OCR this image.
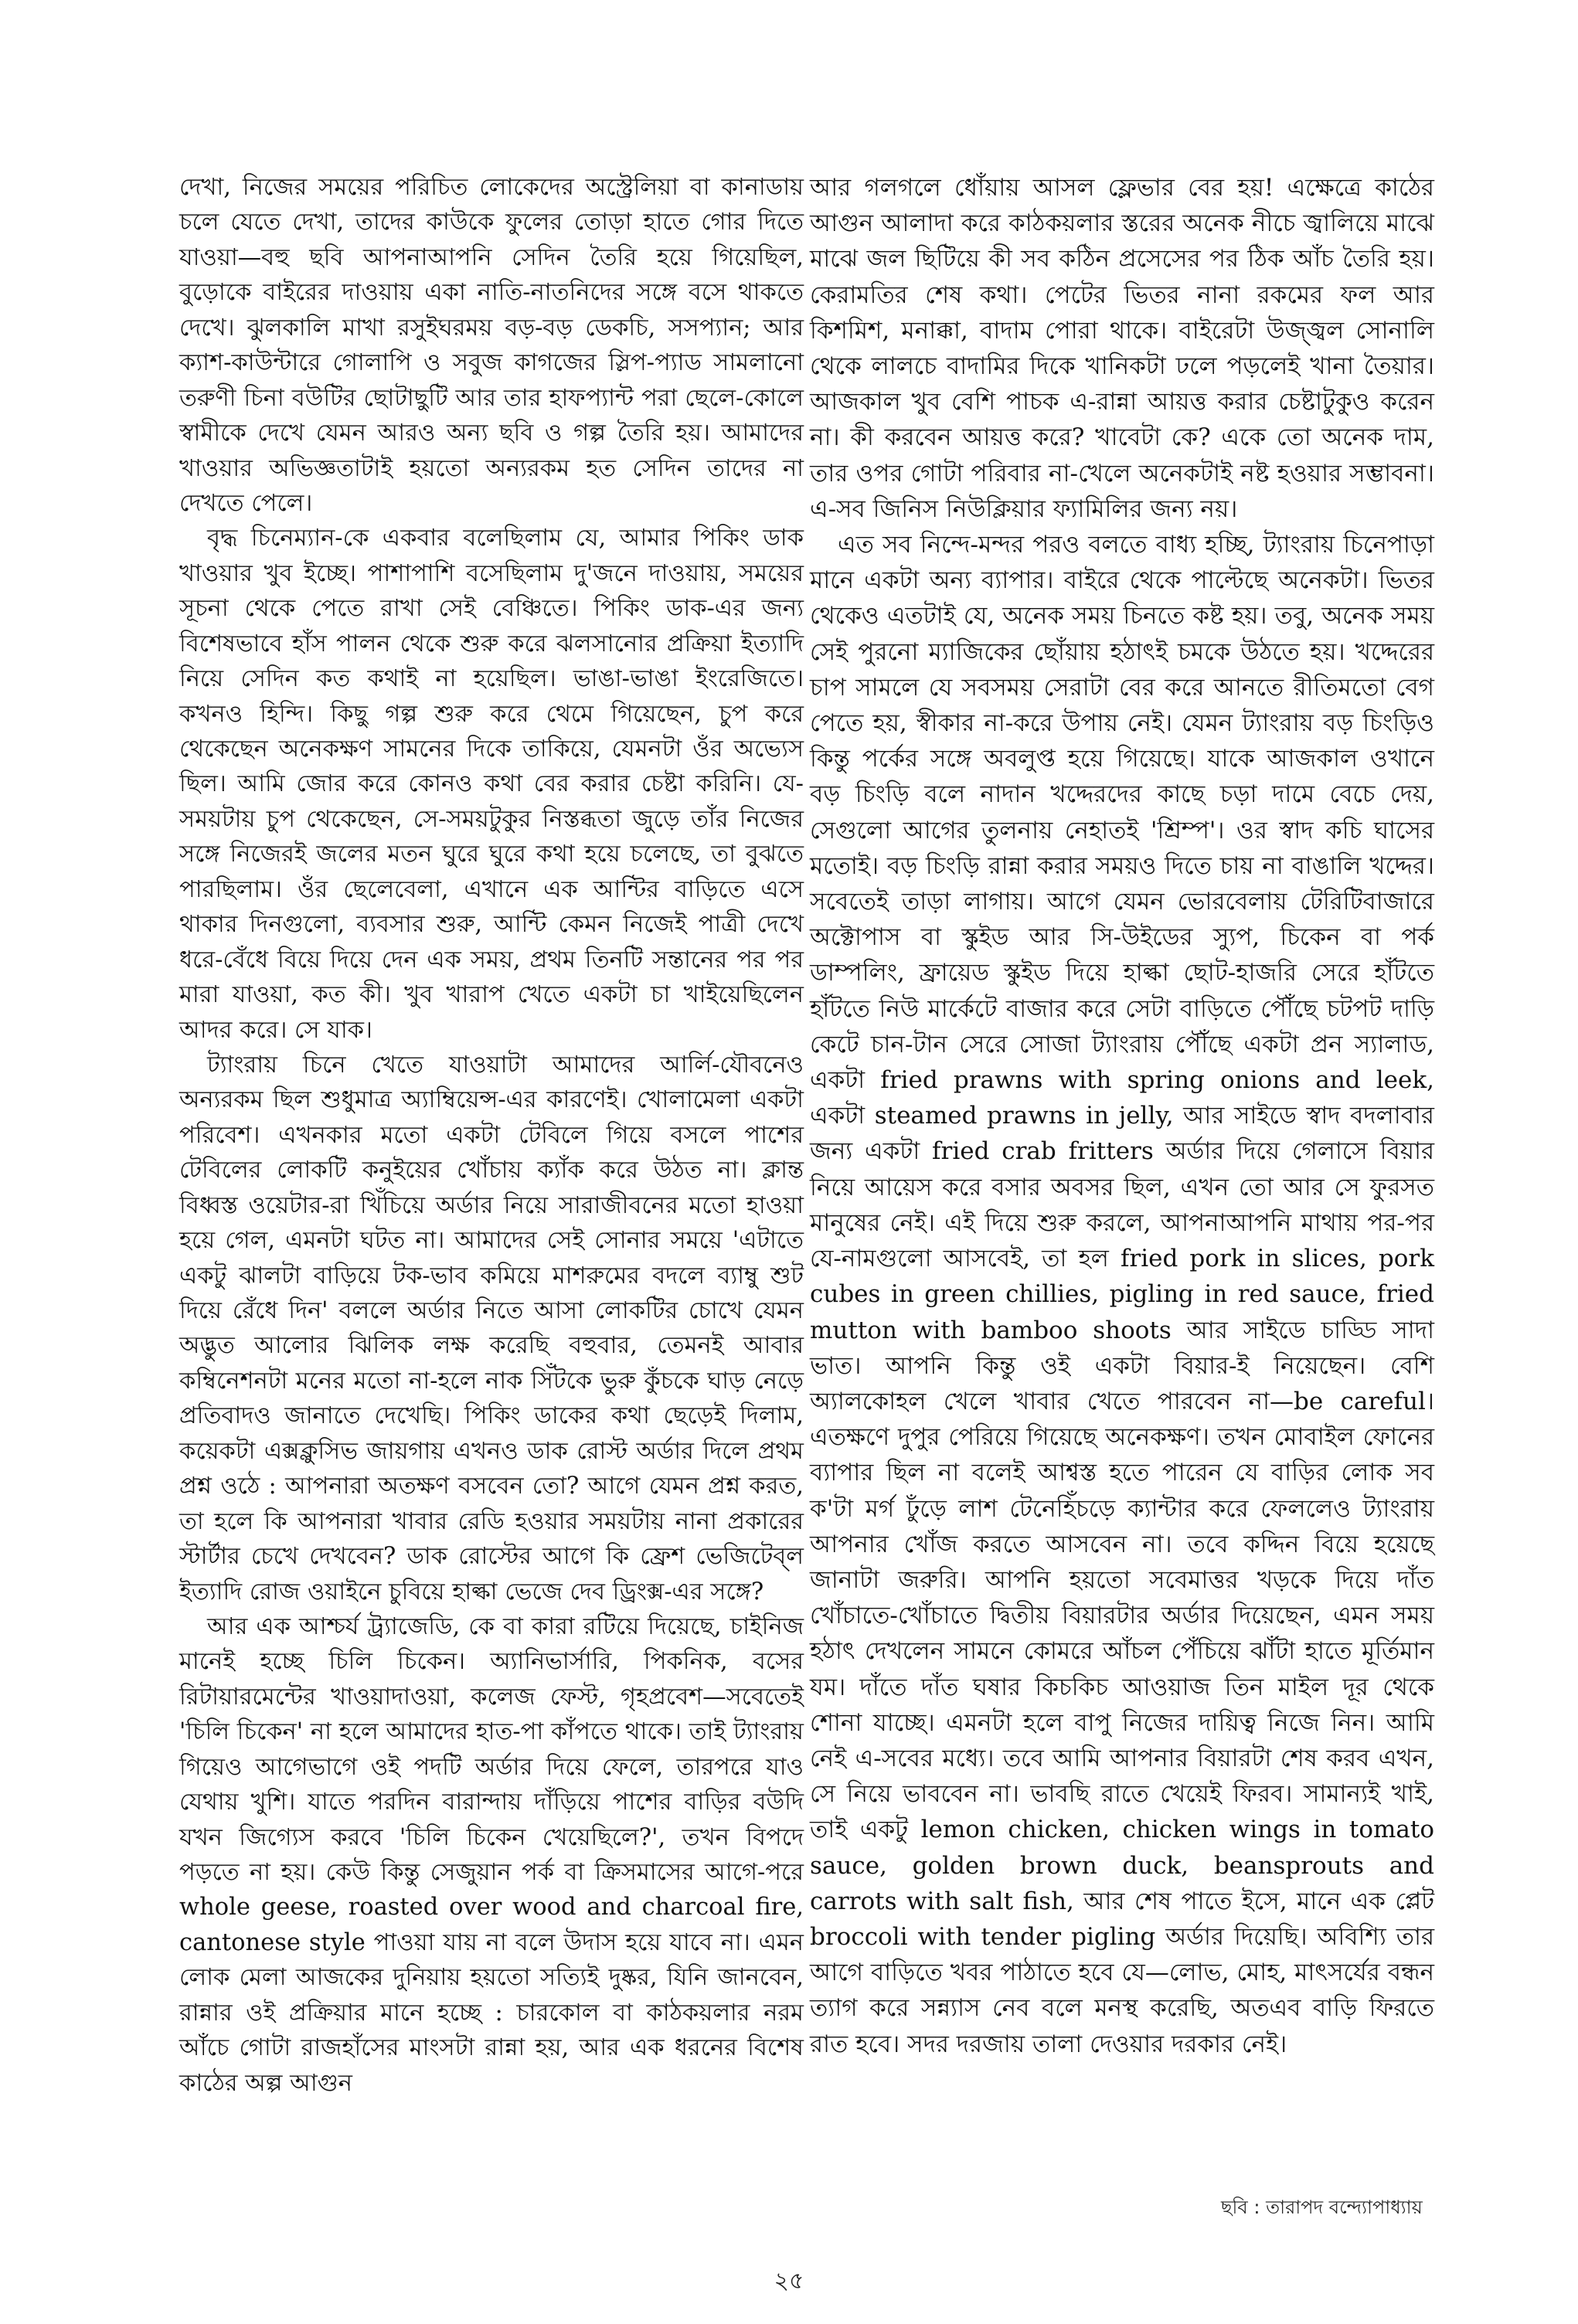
দেখা, নিজের সময়ের পরিচিত লোকেদের অস্ট্রেলিয়া বা কানাডায় চলে যেতে দেখা, তাদের কাউকে ফুলের তোড়া হাতে গোর দিতে যাওয়া—বহু ছবি আপনাআপনি সেদিন তৈরি হয়ে গিয়েছিল, বুড়োকে বাইরের দাওয়ায় একা নাতি-নাতনিদের সঙ্গে বসে থাকতে দেখে। ঝুলকালি মাখা রসুইঘরময় বড়-বড় ডেকচি, সসপ্যান; আর ক্যাশ-কাউন্টারে গোলাপি ও সবুজ কাগজের স্লিপ-প্যাড সামলানো তরুণী চিনা বউটির ছোটাছুটি আর তার হাফপ্যান্ট পরা ছেলে-কোলে স্বামীকে দেখে যেমন আরও অন্য ছবি ও গল্প তৈরি হয়। আমাদের খাওয়ার অভিজ্ঞতাটাই হয়তো অন্যরকম হত সেদিন তাদের না দেখতে পেলে।

বৃদ্ধ চিনেম্যান-কে একবার বলেছিলাম যে, আমার পিকিং ডাক খাওয়ার খুব ইচ্ছে। পাশাপাশি বসেছিলাম দু'জনে দাওয়ায়, সময়ের সূচনা থেকে পেতে রাখা সেই বেঞ্চিতে। পিকিং ডাক-এর জন্য বিশেষভাবে হাঁস পালন থেকে শুরু করে ঝলসানোর প্রক্রিয়া ইত্যাদি নিয়ে সেদিন কত কথাই না হয়েছিল। ভাঙা-ভাঙা ইংরেজিতে। কখনও হিন্দি। কিছু গল্প শুরু করে থেমে গিয়েছেন, চুপ করে থেকেছেন অনেকক্ষণ সামনের দিকে তাকিয়ে, যেমনটা ওঁর অভ্যেস ছিল। আমি জোর করে কোনও কথা বের করার চেষ্টা করিনি। যে-সময়টায় চুপ থেকেছেন, সে-সময়টুকুর নিস্তব্ধতা জুড়ে তাঁর নিজের সঙ্গে নিজেরই জলের মতন ঘুরে ঘুরে কথা হয়ে চলেছে, তা বুঝতে পারছিলাম। ওঁর ছেলেবেলা, এখানে এক আন্টির বাড়িতে এসে থাকার দিনগুলো, ব্যবসার শুরু, আন্টি কেমন নিজেই পাত্রী দেখে ধরে-বেঁধে বিয়ে দিয়ে দেন এক সময়, প্রথম তিনটি সন্তানের পর পর মারা যাওয়া, কত কী। খুব খারাপ খেতে একটা চা খাইয়েছিলেন আদর করে। সে যাক।

ট্যাংরায় চিনে খেতে যাওয়াটা আমাদের আর্লি-যৌবনেও অন্যরকম ছিল শুধুমাত্র অ্যাম্বিয়েন্স-এর কারণেই। খোলামেলা একটা পরিবেশ। এখনকার মতো একটা টেবিলে গিয়ে বসলে পাশের টেবিলের লোকটি কনুইয়ের খোঁচায় ক্যাঁক করে উঠত না। ক্লান্ত বিধ্বস্ত ওয়েটার-রা খিঁচিয়ে অর্ডার নিয়ে সারাজীবনের মতো হাওয়া হয়ে গেল, এমনটা ঘটত না। আমাদের সেই সোনার সময়ে 'এটাতে একটু ঝালটা বাড়িয়ে টক-ভাব কমিয়ে মাশরুমের বদলে ব্যাম্বু শুট দিয়ে রেঁধে দিন' বললে অর্ডার নিতে আসা লোকটির চোখে যেমন অদ্ভুত আলোর ঝিলিক লক্ষ করেছি বহুবার, তেমনই আবার কম্বিনেশনটা মনের মতো না-হলে নাক সিঁটকে ভুরু কুঁচকে ঘাড় নেড়ে প্রতিবাদও জানাতে দেখেছি। পিকিং ডাকের কথা ছেড়েই দিলাম, কয়েকটা এক্সক্লুসিভ জায়গায় এখনও ডাক রোস্ট অর্ডার দিলে প্রথম প্রশ্ন ওঠে : আপনারা অতক্ষণ বসবেন তো? আগে যেমন প্রশ্ন করত, তা হলে কি আপনারা খাবার রেডি হওয়ার সময়টায় নানা প্রকারের স্টার্টার চেখে দেখবেন? ডাক রোস্টের আগে কি ফ্রেশ ভেজিটেব্‌ল ইত্যাদি রোজ ওয়াইনে চুবিয়ে হাল্কা ভেজে দেব ড্রিংক্স-এর সঙ্গে?

আর এক আশ্চর্য ট্র্যাজেডি, কে বা কারা রটিয়ে দিয়েছে, চাইনিজ মানেই হচ্ছে চিলি চিকেন। অ্যানিভার্সারি, পিকনিক, বসের রিটায়ারমেন্টের খাওয়াদাওয়া, কলেজ ফেস্ট, গৃহপ্রবেশ—সবেতেই 'চিলি চিকেন' না হলে আমাদের হাত-পা কাঁপতে থাকে। তাই ট্যাংরায় গিয়েও আগেভাগে ওই পদটি অর্ডার দিয়ে ফেলে, তারপরে যাও যেথায় খুশি। যাতে পরদিন বারান্দায় দাঁড়িয়ে পাশের বাড়ির বউদি যখন জিগ্যেস করবে 'চিলি চিকেন খেয়েছিলে?', তখন বিপদে পড়তে না হয়। কেউ কিন্তু সেজুয়ান পর্ক বা ক্রিসমাসের আগে-পরে whole geese, roasted over wood and charcoal fire, cantonese style পাওয়া যায় না বলে উদাস হয়ে যাবে না। এমন লোক মেলা আজকের দুনিয়ায় হয়তো সত্যিই দুষ্কর, যিনি জানবেন, রান্নার ওই প্রক্রিয়ার মানে হচ্ছে : চারকোল বা কাঠকয়লার নরম আঁচে গোটা রাজহাঁসের মাংসটা রান্না হয়, আর এক ধরনের বিশেষ কাঠের অল্প আগুন

আর গলগলে ধোঁয়ায় আসল ফ্লেভার বের হয়! এক্ষেত্রে কাঠের আগুন আলাদা করে কাঠকয়লার স্তরের অনেক নীচে জ্বালিয়ে মাঝে মাঝে জল ছিটিয়ে কী সব কঠিন প্রসেসের পর ঠিক আঁচ তৈরি হয়। কেরামতির শেষ কথা। পেটের ভিতর নানা রকমের ফল আর কিশমিশ, মনাক্কা, বাদাম পোরা থাকে। বাইরেটা উজ্জ্বল সোনালি থেকে লালচে বাদামির দিকে খানিকটা ঢলে পড়লেই খানা তৈয়ার। আজকাল খুব বেশি পাচক এ-রান্না আয়ত্ত করার চেষ্টাটুকুও করেন না। কী করবেন আয়ত্ত করে? খাবেটা কে? একে তো অনেক দাম, তার ওপর গোটা পরিবার না-খেলে অনেকটাই নষ্ট হওয়ার সম্ভাবনা। এ-সব জিনিস নিউক্লিয়ার ফ্যামিলির জন্য নয়।

এত সব নিন্দে-মন্দর পরও বলতে বাধ্য হচ্ছি, ট্যাংরায় চিনেপাড়া মানে একটা অন্য ব্যাপার। বাইরে থেকে পাল্টেছে অনেকটা। ভিতর থেকেও এতটাই যে, অনেক সময় চিনতে কষ্ট হয়। তবু, অনেক সময় সেই পুরনো ম্যাজিকের ছোঁয়ায় হঠাৎই চমকে উঠতে হয়। খদ্দেরের চাপ সামলে যে সবসময় সেরাটা বের করে আনতে রীতিমতো বেগ পেতে হয়, স্বীকার না-করে উপায় নেই। যেমন ট্যাংরায় বড় চিংড়িও কিন্তু পর্কের সঙ্গে অবলুপ্ত হয়ে গিয়েছে। যাকে আজকাল ওখানে বড় চিংড়ি বলে নাদান খদ্দেরদের কাছে চড়া দামে বেচে দেয়, সেগুলো আগের তুলনায় নেহাতই 'শ্রিম্প'। ওর স্বাদ কচি ঘাসের মতোই। বড় চিংড়ি রান্না করার সময়ও দিতে চায় না বাঙালি খদ্দের। সবেতেই তাড়া লাগায়। আগে যেমন ভোরবেলায় টেরিটিবাজারে অক্টোপাস বা স্কুইড আর সি-উইডের স্যুপ, চিকেন বা পর্ক ডাম্পলিং, ফ্রায়েড স্কুইড দিয়ে হাল্কা ছোট-হাজরি সেরে হাঁটতে হাঁটতে নিউ মার্কেটে বাজার করে সেটা বাড়িতে পৌঁছে চটপট দাড়ি কেটে চান-টান সেরে সোজা ট্যাংরায় পৌঁছে একটা প্রন স্যালাড, একটা fried prawns with spring onions and leek, একটা steamed prawns in jelly, আর সাইডে স্বাদ বদলাবার জন্য একটা fried crab fritters অর্ডার দিয়ে গেলাসে বিয়ার নিয়ে আয়েস করে বসার অবসর ছিল, এখন তো আর সে ফুরসত মানুষের নেই। এই দিয়ে শুরু করলে, আপনাআপনি মাথায় পর-পর যে-নামগুলো আসবেই, তা হল fried pork in slices, pork cubes in green chillies, pigling in red sauce, fried mutton with bamboo shoots আর সাইডে চাড্ডি সাদা ভাত। আপনি কিন্তু ওই একটা বিয়ার-ই নিয়েছেন। বেশি অ্যালকোহল খেলে খাবার খেতে পারবেন না—be careful। এতক্ষণে দুপুর পেরিয়ে গিয়েছে অনেকক্ষণ। তখন মোবাইল ফোনের ব্যাপার ছিল না বলেই আশ্বস্ত হতে পারেন যে বাড়ির লোক সব ক'টা মর্গ ঢুঁড়ে লাশ টেনেহিঁচড়ে ক্যান্টার করে ফেললেও ট্যাংরায় আপনার খোঁজ করতে আসবেন না। তবে কদ্দিন বিয়ে হয়েছে জানাটা জরুরি। আপনি হয়তো সবেমাত্তর খড়কে দিয়ে দাঁত খোঁচাতে-খোঁচাতে দ্বিতীয় বিয়ারটার অর্ডার দিয়েছেন, এমন সময় হঠাৎ দেখলেন সামনে কোমরে আঁচল পেঁচিয়ে ঝাঁটা হাতে মূর্তিমান যম। দাঁতে দাঁত ঘষার কিচকিচ আওয়াজ তিন মাইল দূর থেকে শোনা যাচ্ছে। এমনটা হলে বাপু নিজের দায়িত্ব নিজে নিন। আমি নেই এ-সবের মধ্যে। তবে আমি আপনার বিয়ারটা শেষ করব এখন, সে নিয়ে ভাববেন না। ভাবছি রাতে খেয়েই ফিরব। সামান্যই খাই, তাই একটু lemon chicken, chicken wings in tomato sauce, golden brown duck, beansprouts and carrots with salt fish, আর শেষ পাতে ইসে, মানে এক প্লেট broccoli with tender pigling অর্ডার দিয়েছি। অবিশ্যি তার আগে বাড়িতে খবর পাঠাতে হবে যে—লোভ, মোহ, মাৎসর্যের বন্ধন ত্যাগ করে সন্ন্যাস নেব বলে মনস্থ করেছি, অতএব বাড়ি ফিরতে রাত হবে। সদর দরজায় তালা দেওয়ার দরকার নেই।

ছবি : তারাপদ বন্দ্যোপাধ্যায়
২৫
